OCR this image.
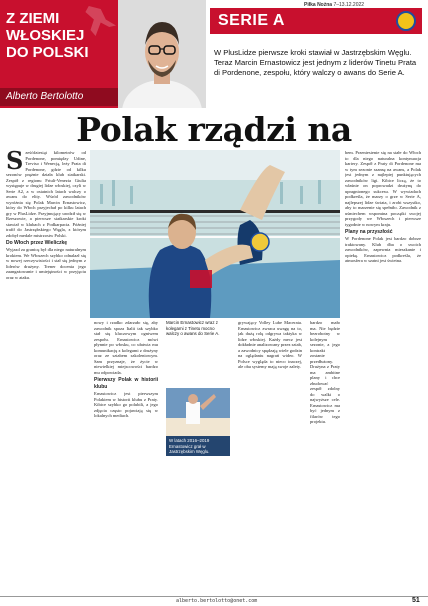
Z ZIEMI
WŁOSKIEJ
DO POLSKI
Alberto Bertolotto
Piłka Nożna 7–13.12.2022
SERIE A

W PlusLidze pierwsze kroki stawiał w Jastrzębskim Węglu. Teraz Marcin Ernastowicz jest jednym z liderów Tinetu Prata di Pordenone, zespołu, który walczy o awans do Serie A.

Polak rządzi na
S ześćdziesiąt kilometrów od Pordenone, pomiędzy Udine, Treviso i Wenecją, leży Prata di Pordenone, gdzie od kilku sezonów prężnie działa klub siatkarski. Zespół z regionu Friuli-Venezia Giulia występuje w drugiej lidze włoskiej, czyli w Serie A2, a w ostatnich latach walczy o awans do elity. Wśród zawodników wyróżnia się Polak Marcin Ernastowicz, który do Włoch przyjechał po kilku latach gry w PlusLidze. Przyjmujący urodził się w Rzeszowie, a pierwsze siatkarskie kroki stawiał w klubach z Podkarpacia. Później trafił do Jastrzębskiego Węgla, z którym zdobył medale mistrzostw Polski.
Do Włoch przez Wieliczkę
Wyjazd za granicę był dla niego naturalnym krokiem. We Włoszech szybko odnalazł się w nowej rzeczywistości i stał się jednym z liderów drużyny. Trener docenia jego zaangażowanie i umiejętności w przyjęciu oraz w ataku.
nowy i rzadko zdarzało się, aby zawodnik spoza Italii tak szybko stał się kluczowym ogniwem zespołu. Ernastowicz mówi płynnie po włosku, co ułatwia mu komunikację z kolegami z drużyny oraz ze sztabem szkoleniowym. Sam przyznaje, że życie w niewielkiej miejscowości bardzo mu odpowiada.
Pierwszy Polak w historii klubu
Ernastowicz jest pierwszym Polakiem w historii klubu z Praty. Kibice szybko go polubili, a jego zdjęcia często pojawiają się w lokalnych mediach.

Marcin Ernastowicz wraz z kolegami z Tinetu mocno walczy o awans do Serie A.

W latach 2016–2019 Ernastowicz grał w Jastrzębskim Węglu.

grywający Volley Lube Macerata. Ernastowicz zwraca uwagę na to, jak dużą rolę odgrywa taktyka w lidze włoskiej. Każdy mecz jest dokładnie analizowany przez sztab, a zawodnicy spędzają wiele godzin na oglądaniu nagrań wideo. W Polsce wygląda to nieco inaczej, ale oba systemy mają swoje zalety.
bardzo mało ma. Nie będzie bezrobotny w kolejnym sezonie, a jego kontrakt zostanie przedłużony. Drużyna z Praty ma ambitne plany i chce zbudować zespół zdolny do walki o najwyższe cele. Ernastowicz ma być jednym z filarów tego projektu.
bem. Przeniesienie się na stałe do Włoch to dla niego naturalna kontynuacja kariery. Zespół z Praty di Pordenone ma w tym sezonie szansę na awans, a Polak jest jednym z najlepiej punktujących zawodników ligi. Kibice liczą, że to właśnie on poprowadzi drużynę do upragnionego sukcesu. W wywiadach podkreśla, że marzy o grze w Serie A, najlepszej lidze świata, i zrobi wszystko, aby to marzenie się spełniło. Zawodnik z uśmiechem wspomina początki swojej przygody we Włoszech i pierwsze tygodnie w nowym kraju.
Plany na przyszłość
W Pordenone Polak jest bardzo dobrze traktowany. Klub dba o swoich zawodników, zapewnia mieszkanie i opiekę. Ernastowicz podkreśla, że atmosfera w szatni jest świetna.
alberto.bertolotto@onet.com	51
